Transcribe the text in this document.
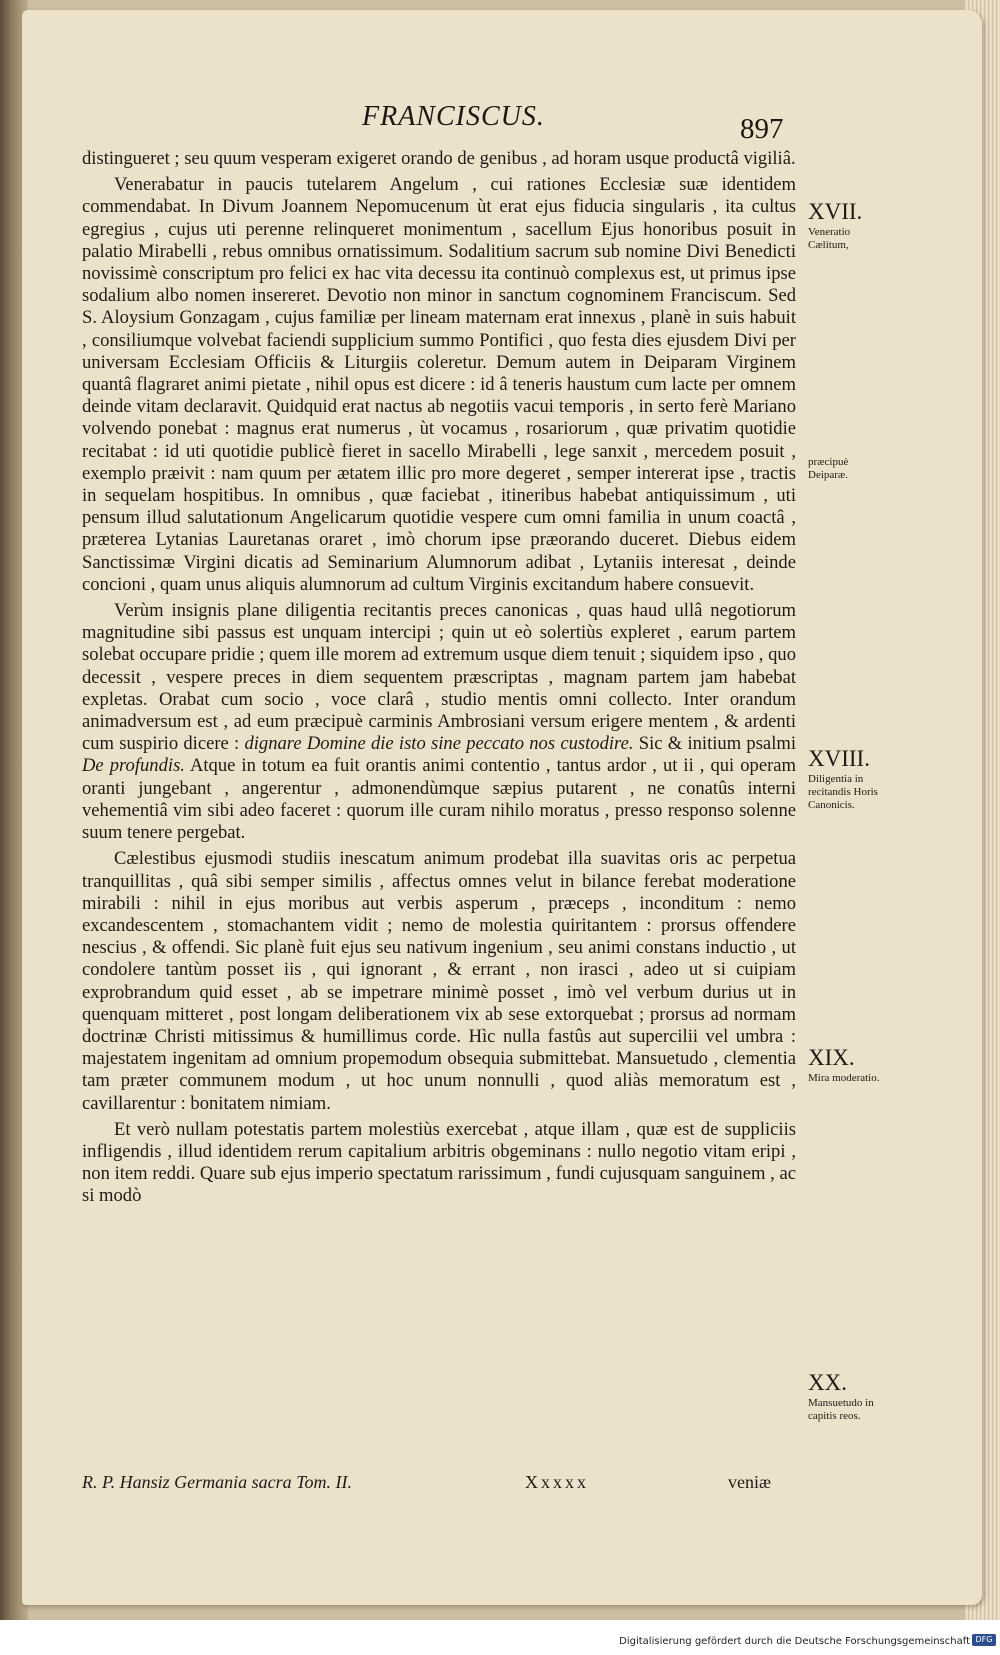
FRANCISCUS.	897

distingueret ; seu quum vesperam exigeret orando de genibus , ad horam usque productâ vigiliâ.

Venerabatur in paucis tutelarem Angelum , cui rationes Ecclesiæ suæ identidem commendabat. In Divum Joannem Nepomucenum ùt erat ejus fiducia singularis , ita cultus egregius , cujus uti perenne relinqueret monimentum , sacellum Ejus honoribus posuit in palatio Mirabelli , rebus omnibus ornatissimum. Sodalitium sacrum sub nomine Divi Benedicti novissimè conscriptum pro felici ex hac vita decessu ita continuò complexus est, ut primus ipse sodalium albo nomen insereret. Devotio non minor in sanctum cognominem Franciscum. Sed S. Aloysium Gonzagam , cujus familiæ per lineam maternam erat innexus , planè in suis habuit , consiliumque volvebat faciendi supplicium summo Pontifici , quo festa dies ejusdem Divi per universam Ecclesiam Officiis & Liturgiis coleretur. Demum autem in Deiparam Virginem quantâ flagraret animi pietate , nihil opus est dicere : id â teneris haustum cum lacte per omnem deinde vitam declaravit. Quidquid erat nactus ab negotiis vacui temporis , in serto ferè Mariano volvendo ponebat : magnus erat numerus , ùt vocamus , rosariorum , quæ privatim quotidie recitabat : id uti quotidie publicè fieret in sacello Mirabelli , lege sanxit , mercedem posuit , exemplo præivit : nam quum per ætatem illic pro more degeret , semper intererat ipse , tractis in sequelam hospitibus. In omnibus , quæ faciebat , itineribus habebat antiquissimum , uti pensum illud salutationum Angelicarum quotidie vespere cum omni familia in unum coactâ , præterea Lytanias Lauretanas oraret , imò chorum ipse præorando duceret. Diebus eidem Sanctissimæ Virgini dicatis ad Seminarium Alumnorum adibat , Lytaniis interesat , deinde concioni , quam unus aliquis alumnorum ad cultum Virginis excitandum habere consuevit.

Verùm insignis plane diligentia recitantis preces canonicas , quas haud ullâ negotiorum magnitudine sibi passus est unquam intercipi ; quin ut eò solertiùs expleret , earum partem solebat occupare pridie ; quem ille morem ad extremum usque diem tenuit ; siquidem ipso , quo decessit , vespere preces in diem sequentem præscriptas , magnam partem jam habebat expletas. Orabat cum socio , voce clarâ , studio mentis omni collecto. Inter orandum animadversum est , ad eum præcipuè carminis Ambrosiani versum erigere mentem , & ardenti cum suspirio dicere : dignare Domine die isto sine peccato nos custodire. Sic & initium psalmi De profundis. Atque in totum ea fuit orantis animi contentio , tantus ardor , ut ii , qui operam oranti jungebant , angerentur , admonendùmque sæpius putarent , ne conatûs interni vehementiâ vim sibi adeo faceret : quorum ille curam nihilo moratus , presso responso solenne suum tenere pergebat.

Cælestibus ejusmodi studiis inescatum animum prodebat illa suavitas oris ac perpetua tranquillitas , quâ sibi semper similis , affectus omnes velut in bilance ferebat moderatione mirabili : nihil in ejus moribus aut verbis asperum , præceps , inconditum : nemo excandescentem , stomachantem vidit ; nemo de molestia quiritantem : prorsus offendere nescius , & offendi. Sic planè fuit ejus seu nativum ingenium , seu animi constans inductio , ut condolere tantùm posset iis , qui ignorant , & errant , non irasci , adeo ut si cuipiam exprobrandum quid esset , ab se impetrare minimè posset , imò vel verbum durius ut in quenquam mitteret , post longam deliberationem vix ab sese extorquebat ; prorsus ad normam doctrinæ Christi mitissimus & humillimus corde. Hìc nulla fastûs aut supercilii vel umbra : majestatem ingenitam ad omnium propemodum obsequia submittebat. Mansuetudo , clementia tam præter communem modum , ut hoc unum nonnulli , quod aliàs memoratum est , cavillarentur : bonitatem nimiam.

Et verò nullam potestatis partem molestiùs exercebat , atque illam , quæ est de suppliciis infligendis , illud identidem rerum capitalium arbitris obgeminans : nullo negotio vitam eripi , non item reddi. Quare sub ejus imperio spectatum rarissimum , fundi cujusquam sanguinem , ac si modò

XVII.
Veneratio Cælitum,
præcipuè Deiparæ.
XVIII.
Diligentia in recitandis Horis Canonicis.
XIX.
Mira moderatio.
XX.
Mansuetudo in capitis reos.
R. P. Hansiz Germania sacra Tom. II.	Xxxxx	veniæ
Digitalisierung gefördert durch die Deutsche Forschungsgemeinschaft DFG
